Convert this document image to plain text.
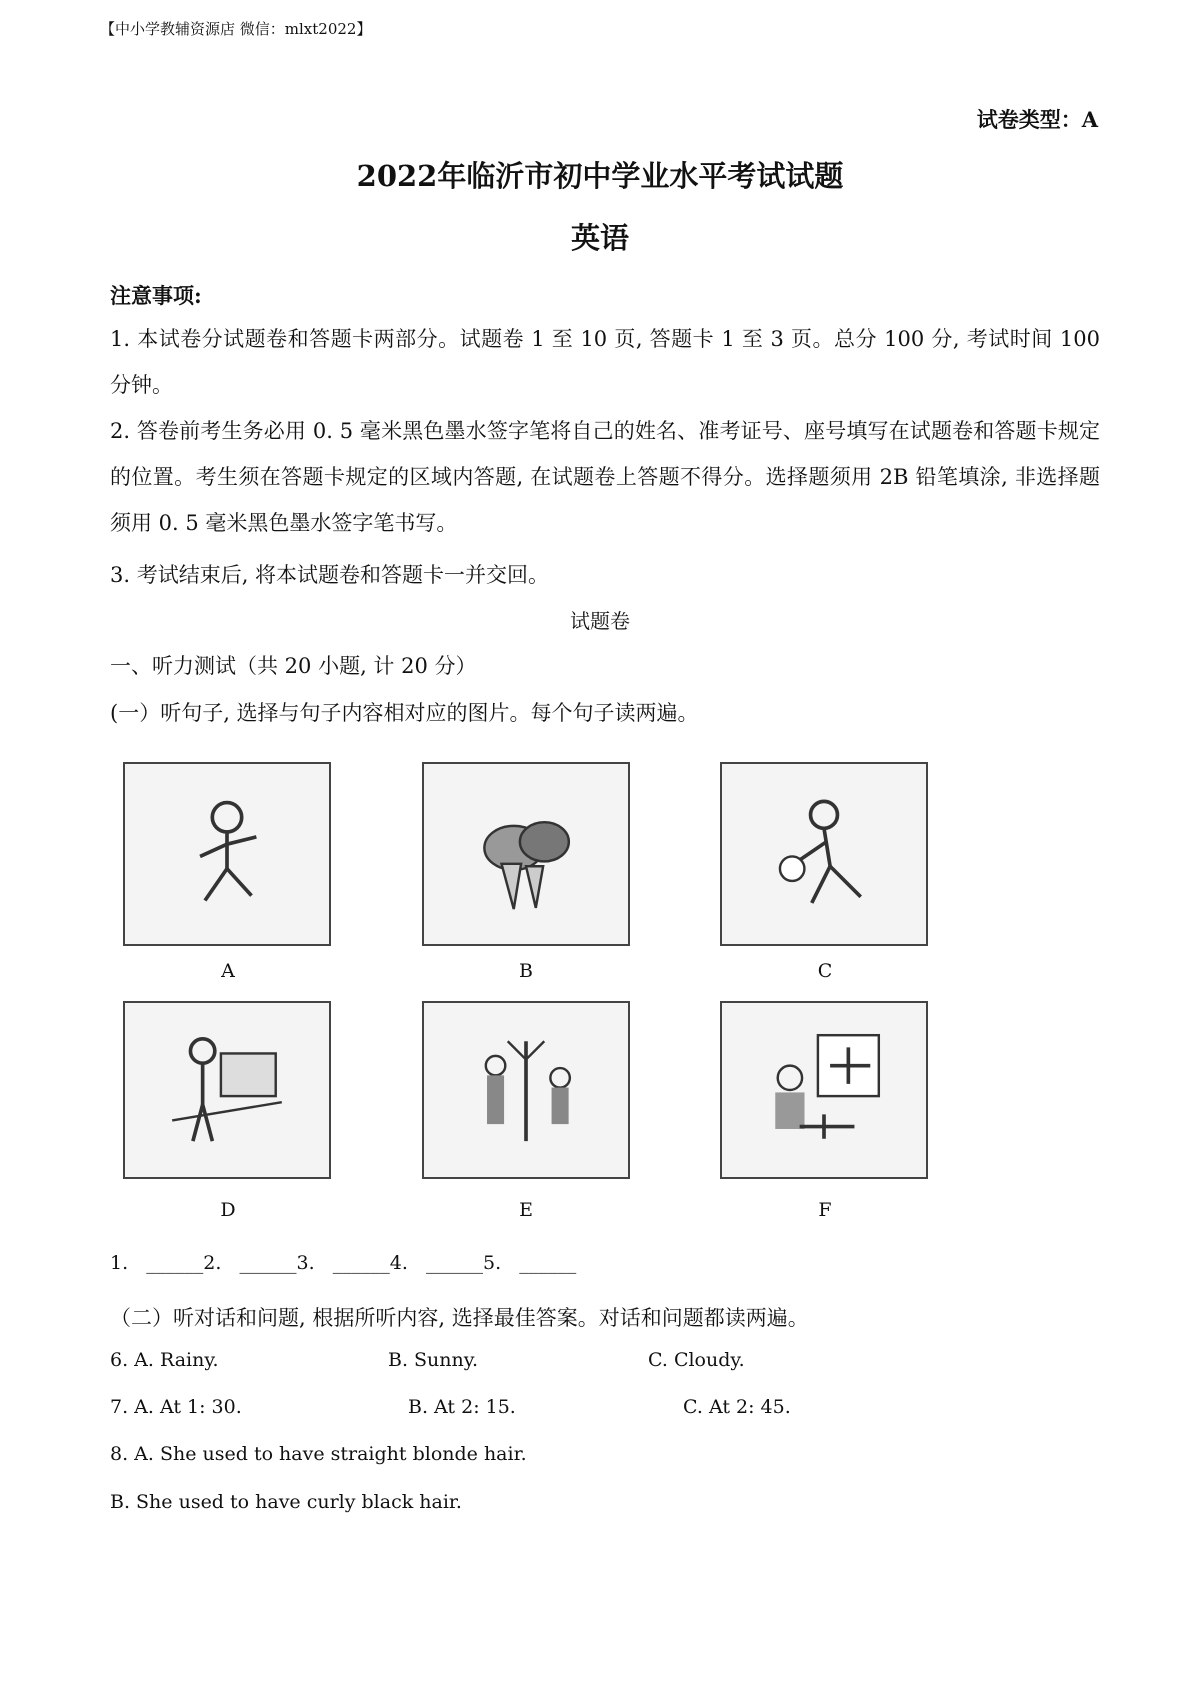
【中小学教辅资源店 微信：mlxt2022】
试卷类型：A
2022年临沂市初中学业水平考试试题
英语
注意事项:
1. 本试卷分试题卷和答题卡两部分。试题卷 1 至 10 页, 答题卡 1 至 3 页。总分 100 分, 考试时间 100 分钟。
2. 答卷前考生务必用 0. 5 毫米黑色墨水签字笔将自己的姓名、准考证号、座号填写在试题卷和答题卡规定的位置。考生须在答题卡规定的区域内答题, 在试题卷上答题不得分。选择题须用 2B 铅笔填涂, 非选择题须用 0. 5 毫米黑色墨水签字笔书写。
3. 考试结束后, 将本试题卷和答题卡一并交回。
试题卷
一、听力测试（共 20 小题, 计 20 分）
(一）听句子, 选择与句子内容相对应的图片。每个句子读两遍。
A	B	C
D	E	F
1.   ______2.   ______3.   ______4.   ______5.   ______
（二）听对话和问题, 根据所听内容, 选择最佳答案。对话和问题都读两遍。
6. A. Rainy.	B. Sunny.	C. Cloudy.
7. A. At 1: 30.	B. At 2: 15.	C. At 2: 45.
8. A. She used to have straight blonde hair.
B. She used to have curly black hair.
